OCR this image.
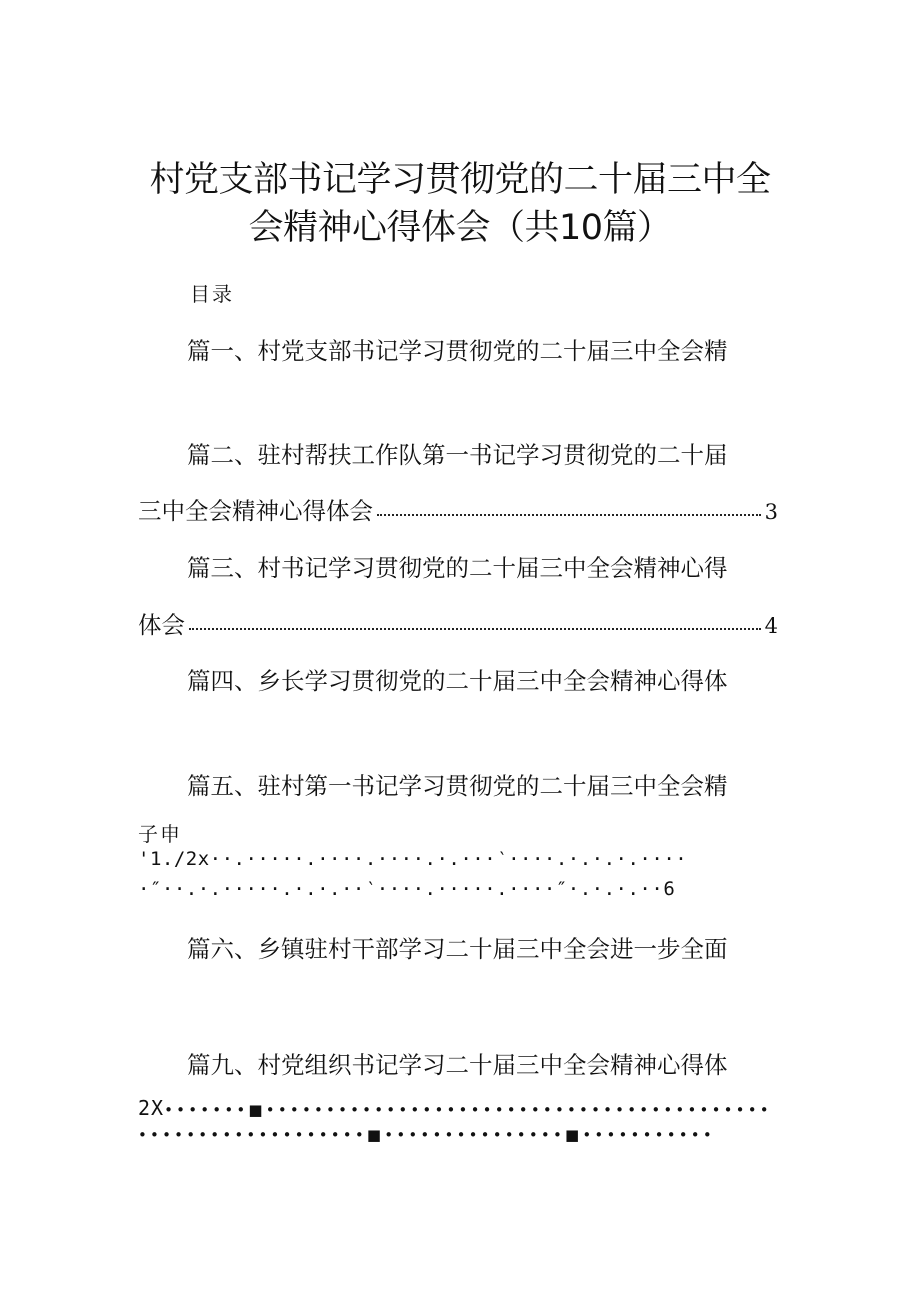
村党支部书记学习贯彻党的二十届三中全
会精神心得体会（共10篇）
目录
篇一、村党支部书记学习贯彻党的二十届三中全会精
篇二、驻村帮扶工作队第一书记学习贯彻党的二十届
三中全会精神心得体会	3
篇三、村书记学习贯彻党的二十届三中全会精神心得
体会	4
篇四、乡长学习贯彻党的二十届三中全会精神心得体
篇五、驻村第一书记学习贯彻党的二十届三中全会精
子申
'1./2x··.·····.····.····.·.···‵····.·.·.·.····
·″··.·.·····.·.·.··‵····.·····.····″·.·.·.··6
篇六、乡镇驻村干部学习二十届三中全会进一步全面
篇九、村党组织书记学习二十届三中全会精神心得体
2X•••••••■••••••••••••••••••••••••••••••••••••••••••
•••••••••••••••••••■•••••••••••••••■•••••••••••
